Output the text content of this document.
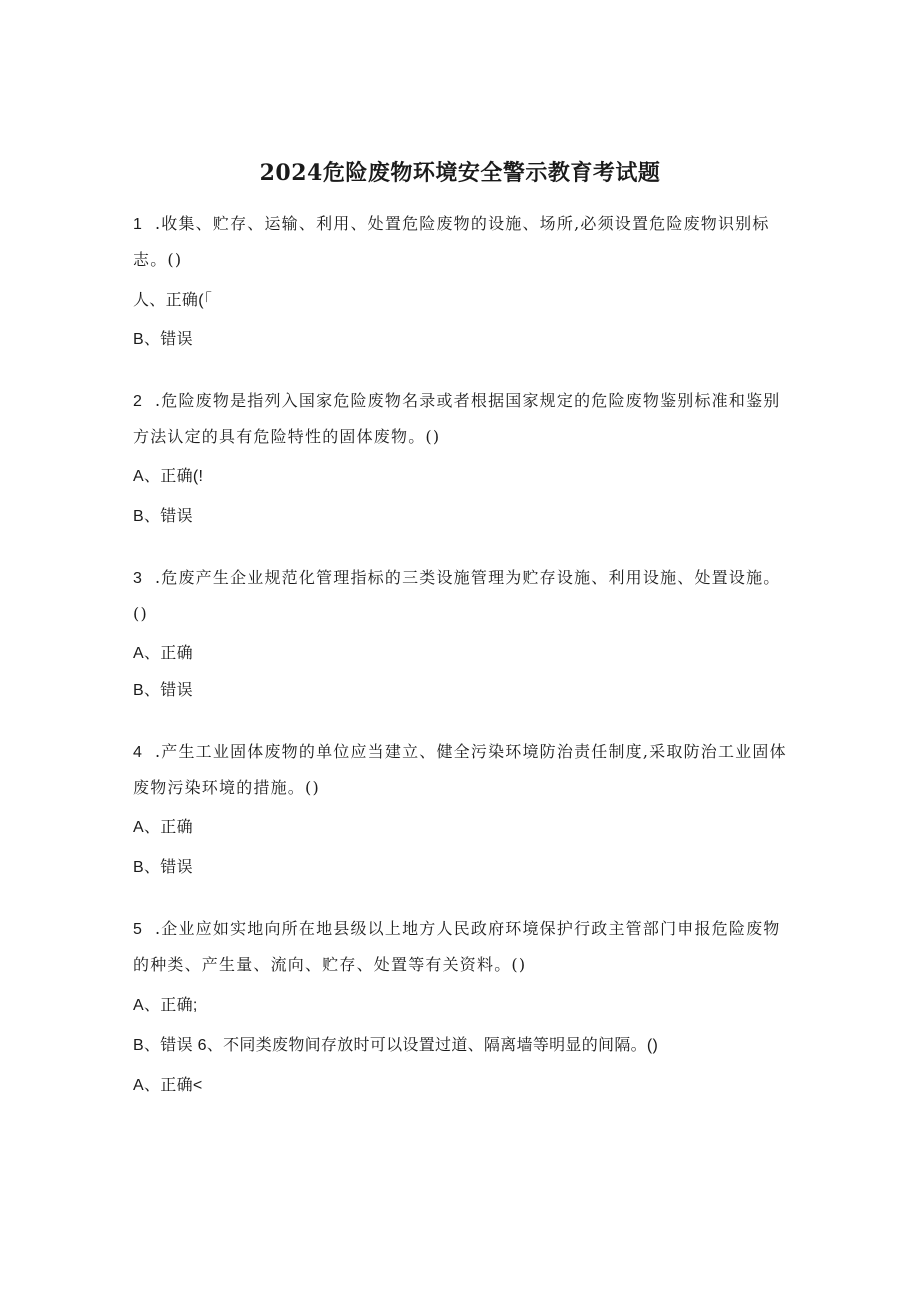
2024危险废物环境安全警示教育考试题
1 .收集、贮存、运输、利用、处置危险废物的设施、场所,必须设置危险废物识别标
志。()
人、正确(「
B、错误
2 .危险废物是指列入国家危险废物名录或者根据国家规定的危险废物鉴别标准和鉴别
方法认定的具有危险特性的固体废物。()
A、正确(!
B、错误
3 .危废产生企业规范化管理指标的三类设施管理为贮存设施、利用设施、处置设施。
()
A、正确
B、错误
4 .产生工业固体废物的单位应当建立、健全污染环境防治责任制度,采取防治工业固体
废物污染环境的措施。()
A、正确
B、错误
5 .企业应如实地向所在地县级以上地方人民政府环境保护行政主管部门申报危险废物
的种类、产生量、流向、贮存、处置等有关资料。()
A、正确;
B、错误 6、不同类废物间存放时可以设置过道、隔离墙等明显的间隔。()
A、正确<
